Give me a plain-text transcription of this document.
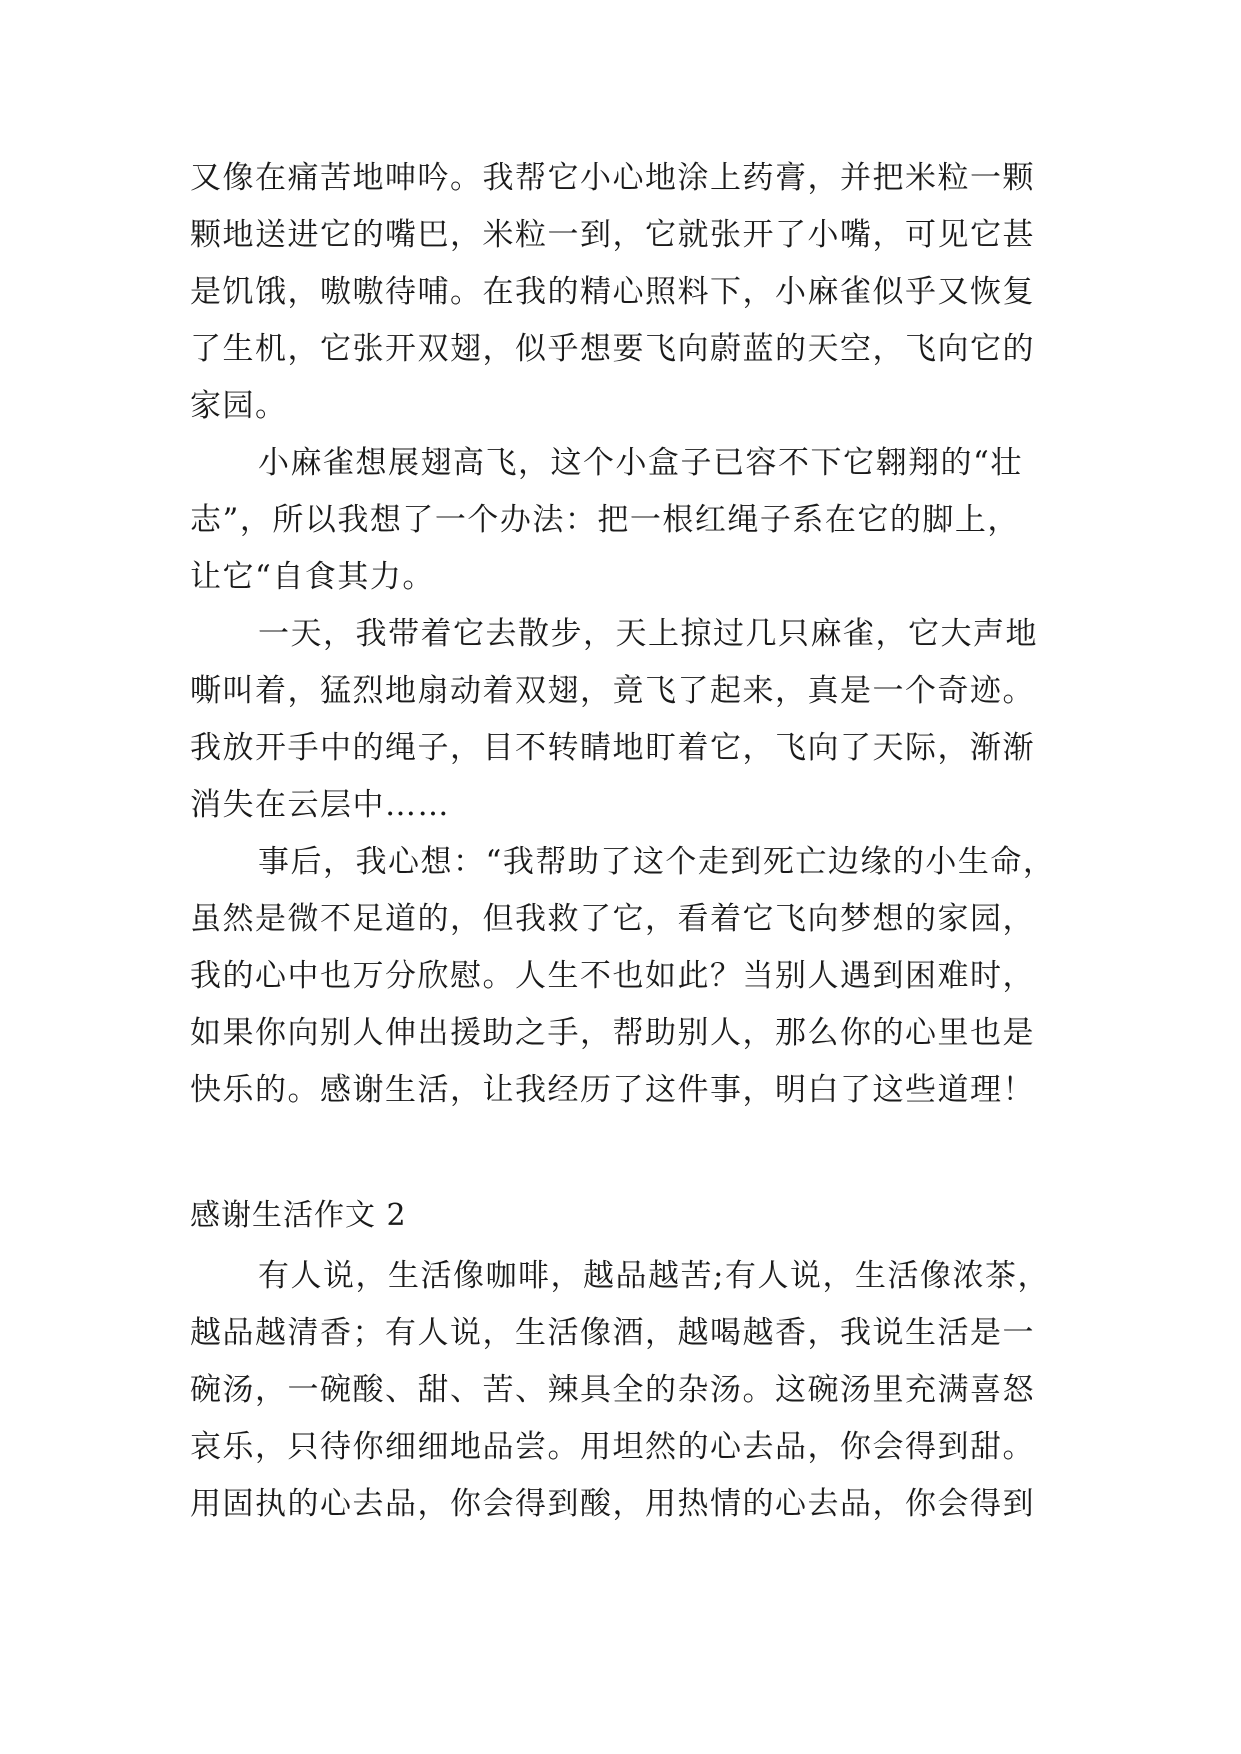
又像在痛苦地呻吟。我帮它小心地涂上药膏，并把米粒一颗
颗地送进它的嘴巴，米粒一到，它就张开了小嘴，可见它甚
是饥饿，嗷嗷待哺。在我的精心照料下，小麻雀似乎又恢复
了生机，它张开双翅，似乎想要飞向蔚蓝的天空，飞向它的
家园。
小麻雀想展翅高飞，这个小盒子已容不下它翱翔的“壮
志”，所以我想了一个办法：把一根红绳子系在它的脚上，
让它“自食其力。
一天，我带着它去散步，天上掠过几只麻雀，它大声地
嘶叫着，猛烈地扇动着双翅，竟飞了起来，真是一个奇迹。
我放开手中的绳子，目不转睛地盯着它，飞向了天际，渐渐
消失在云层中……
事后，我心想：“我帮助了这个走到死亡边缘的小生命，
虽然是微不足道的，但我救了它，看着它飞向梦想的家园，
我的心中也万分欣慰。人生不也如此？当别人遇到困难时，
如果你向别人伸出援助之手，帮助别人，那么你的心里也是
快乐的。感谢生活，让我经历了这件事，明白了这些道理！
感谢生活作文 2
有人说，生活像咖啡，越品越苦;有人说，生活像浓茶，
越品越清香；有人说，生活像酒，越喝越香，我说生活是一
碗汤，一碗酸、甜、苦、辣具全的杂汤。这碗汤里充满喜怒
哀乐，只待你细细地品尝。用坦然的心去品，你会得到甜。
用固执的心去品，你会得到酸，用热情的心去品，你会得到
